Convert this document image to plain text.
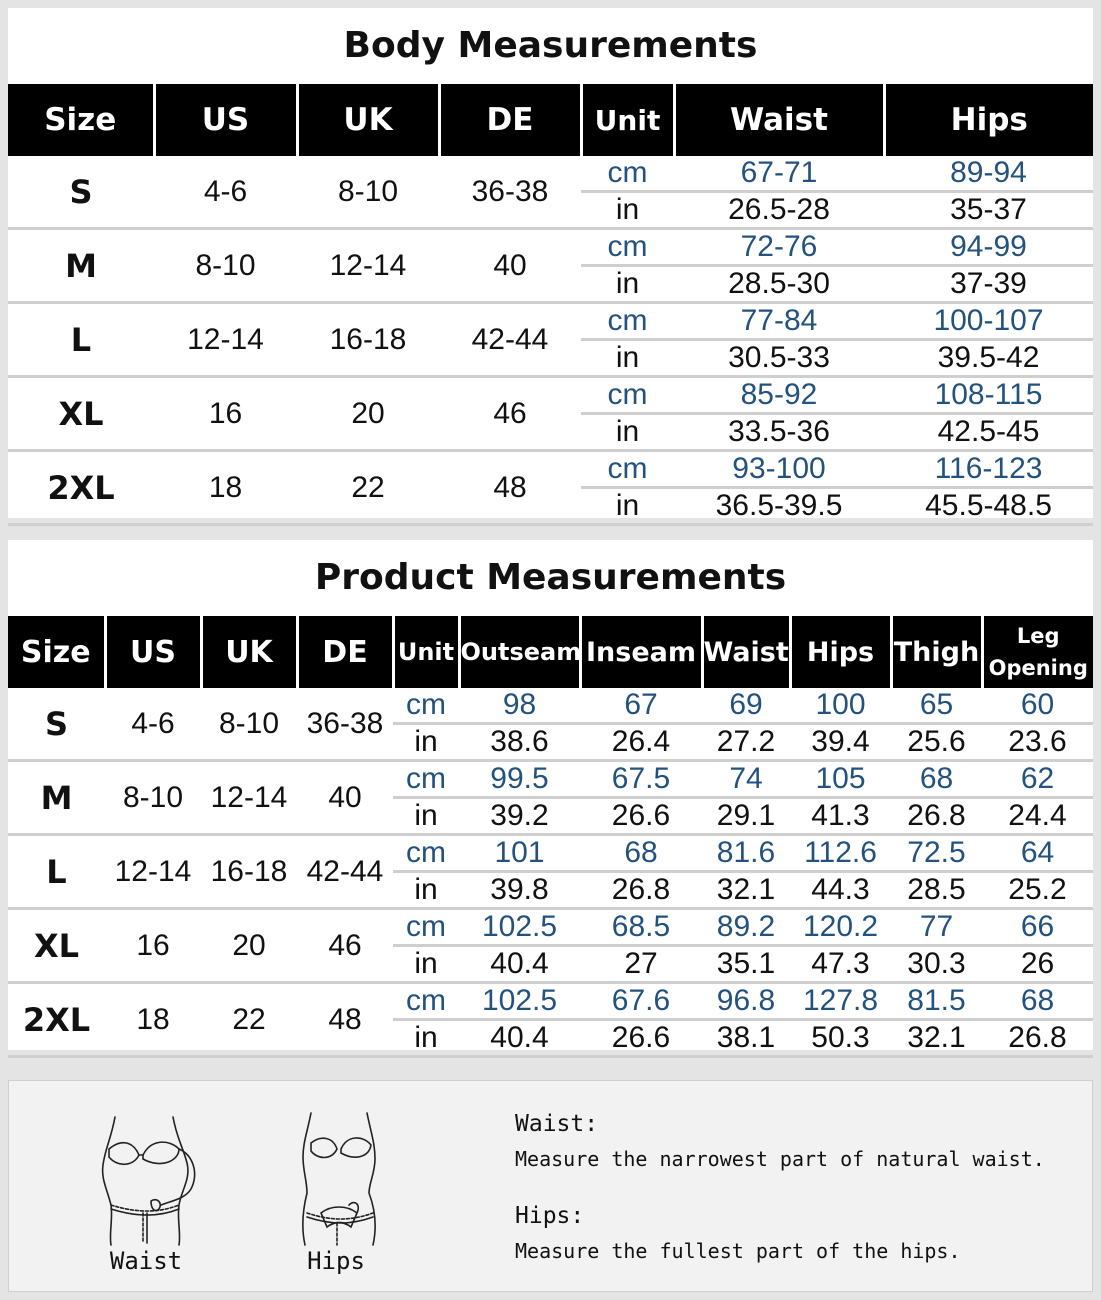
Body Measurements
Size	US	UK	DE	Unit	Waist	Hips
S	4-6	8-10	36-38	cm	67-71	89-94
				in	26.5-28	35-37
M	8-10	12-14	40	cm	72-76	94-99
				in	28.5-30	37-39
L	12-14	16-18	42-44	cm	77-84	100-107
				in	30.5-33	39.5-42
XL	16	20	46	cm	85-92	108-115
				in	33.5-36	42.5-45
2XL	18	22	48	cm	93-100	116-123
				in	36.5-39.5	45.5-48.5
Product Measurements
Size	US	UK	DE	Unit	Outseam	Inseam	Waist	Hips	Thigh	Leg
Opening
S	4-6	8-10	36-38	cm	98	67	69	100	65	60
				in	38.6	26.4	27.2	39.4	25.6	23.6
M	8-10	12-14	40	cm	99.5	67.5	74	105	68	62
				in	39.2	26.6	29.1	41.3	26.8	24.4
L	12-14	16-18	42-44	cm	101	68	81.6	112.6	72.5	64
				in	39.8	26.8	32.1	44.3	28.5	25.2
XL	16	20	46	cm	102.5	68.5	89.2	120.2	77	66
				in	40.4	27	35.1	47.3	30.3	26
2XL	18	22	48	cm	102.5	67.6	96.8	127.8	81.5	68
				in	40.4	26.6	38.1	50.3	32.1	26.8
Waist	Hips
Waist:
Measure the narrowest part of natural waist.
Hips:
Measure the fullest part of the hips.
